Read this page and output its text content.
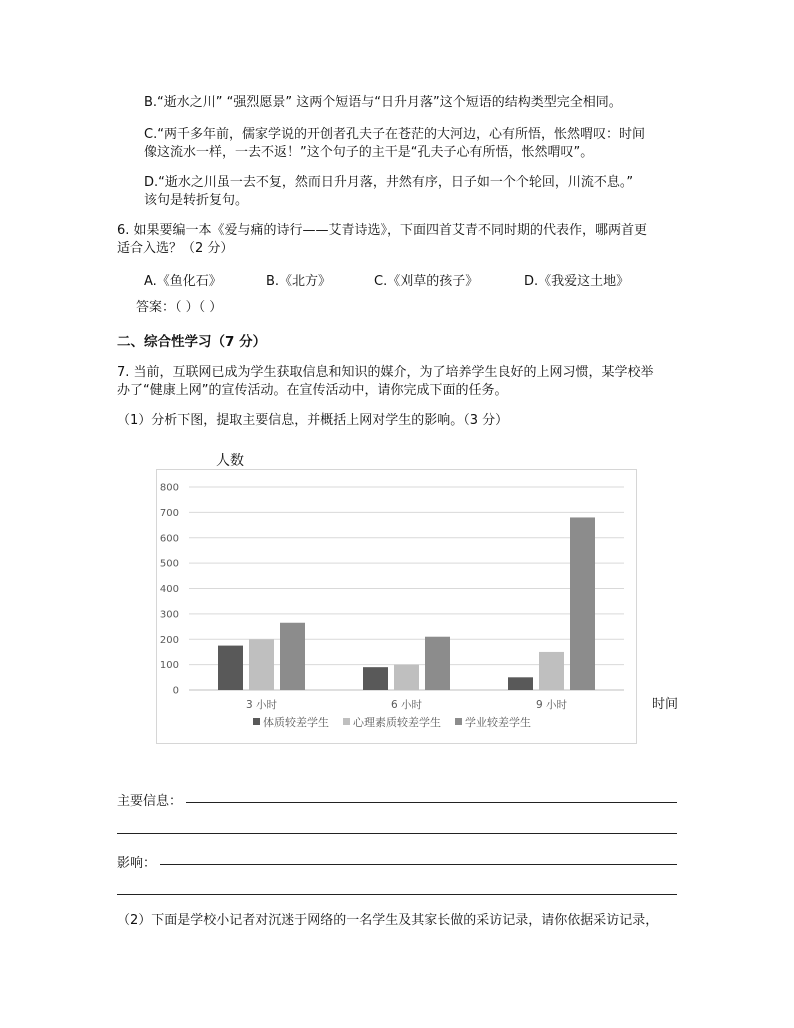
B.“逝水之川” “强烈愿景” 这两个短语与“日升月落”这个短语的结构类型完全相同。
C.“两千多年前，儒家学说的开创者孔夫子在苍茫的大河边，心有所悟，怅然喟叹：时间
像这流水一样，一去不返！”这个句子的主干是“孔夫子心有所悟，怅然喟叹”。
D.“逝水之川虽一去不复，然而日升月落，井然有序，日子如一个个轮回，川流不息。”
该句是转折复句。
6. 如果要编一本《爱与痛的诗行——艾青诗选》，下面四首艾青不同时期的代表作，哪两首更
适合入选？（2 分）
A.《鱼化石》	B.《北方》	C.《刈草的孩子》	D.《我爱这土地》
答案：（ ）（ ）
二、综合性学习（7 分）
7. 当前，互联网已成为学生获取信息和知识的媒介，为了培养学生良好的上网习惯，某学校举
办了“健康上网”的宣传活动。在宣传活动中，请你完成下面的任务。
（1）分析下图，提取主要信息，并概括上网对学生的影响。（3 分）
人数
0
100
200
300
400
500
600
700
800
3 小时	6 小时	9 小时
体质较差学生 心理素质较差学生 学业较差学生
时间
主要信息：
影响：
（2）下面是学校小记者对沉迷于网络的一名学生及其家长做的采访记录，请你依据采访记录，
